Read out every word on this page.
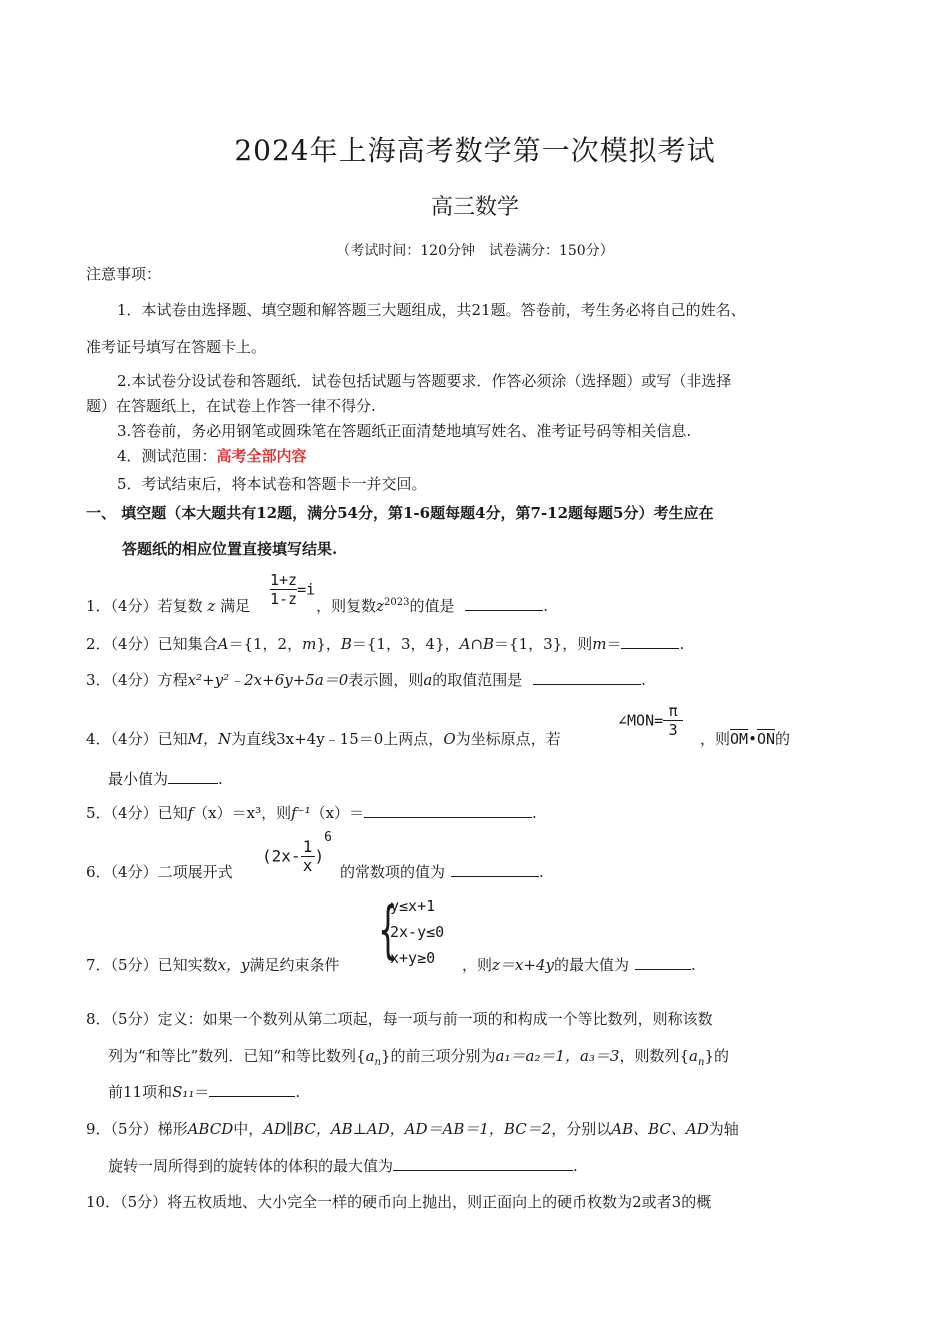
2024年上海高考数学第一次模拟考试
高三数学
（考试时间：120分钟　试卷满分：150分）
注意事项：
1．本试卷由选择题、填空题和解答题三大题组成，共21题。答卷前，考生务必将自己的姓名、
准考证号填写在答题卡上。
2.本试卷分设试卷和答题纸．试卷包括试题与答题要求．作答必须涂（选择题）或写（非选择
题）在答题纸上，在试卷上作答一律不得分.
3.答卷前，务必用钢笔或圆珠笔在答题纸正面清楚地填写姓名、准考证号码等相关信息.
4．测试范围：高考全部内容
5．考试结束后，将本试卷和答题卡一并交回。
一、 填空题（本大题共有12题，满分54分，第1-6题每题4分，第7-12题每题5分）考生应在
答题纸的相应位置直接填写结果.
$\frac{1+z}{1-z} =i$
1．（4分）若复数 z 满足	，则复数$z^{2023}$的值是	.
2．（4分）已知集合A＝{1，2，m}，B＝{1，3，4}，A∩B＝{1，3}，则m＝	.
3．（4分）方程x²+y²﹣2x+6y+5a＝0表示圆，则a的取值范围是	.
∠MON= $\frac{\pi}{3}$
4．（4分）已知M，N为直线3x+4y﹣15＝0上两点，O为坐标原点，若	，则$\overline{OM}•\overline{ON}$的
最小值为	.
5．（4分）已知f（x）＝x³，则f⁻¹（x）＝	.
$(2x- \frac{1}{x} )^6$
6．（4分）二项展开式	的常数项的值为	.
{
y≤x+1
2x-y≤0
x+y≥0
7．（5分）已知实数x，y满足约束条件	，则z＝x+4y的最大值为	.
8．（5分）定义：如果一个数列从第二项起，每一项与前一项的和构成一个等比数列，则称该数
列为“和等比”数列．已知“和等比数列$\{a_n\}$的前三项分别为a₁＝a₂＝1，a₃＝3，则数列$\{a_n\}$的
前11项和S₁₁＝	.
9．（5分）梯形ABCD中，AD∥BC，AB⊥AD，AD＝AB＝1，BC＝2，分别以AB、BC、AD为轴
旋转一周所得到的旋转体的体积的最大值为	.
10．（5分）将五枚质地、大小完全一样的硬币向上抛出，则正面向上的硬币枚数为2或者3的概
